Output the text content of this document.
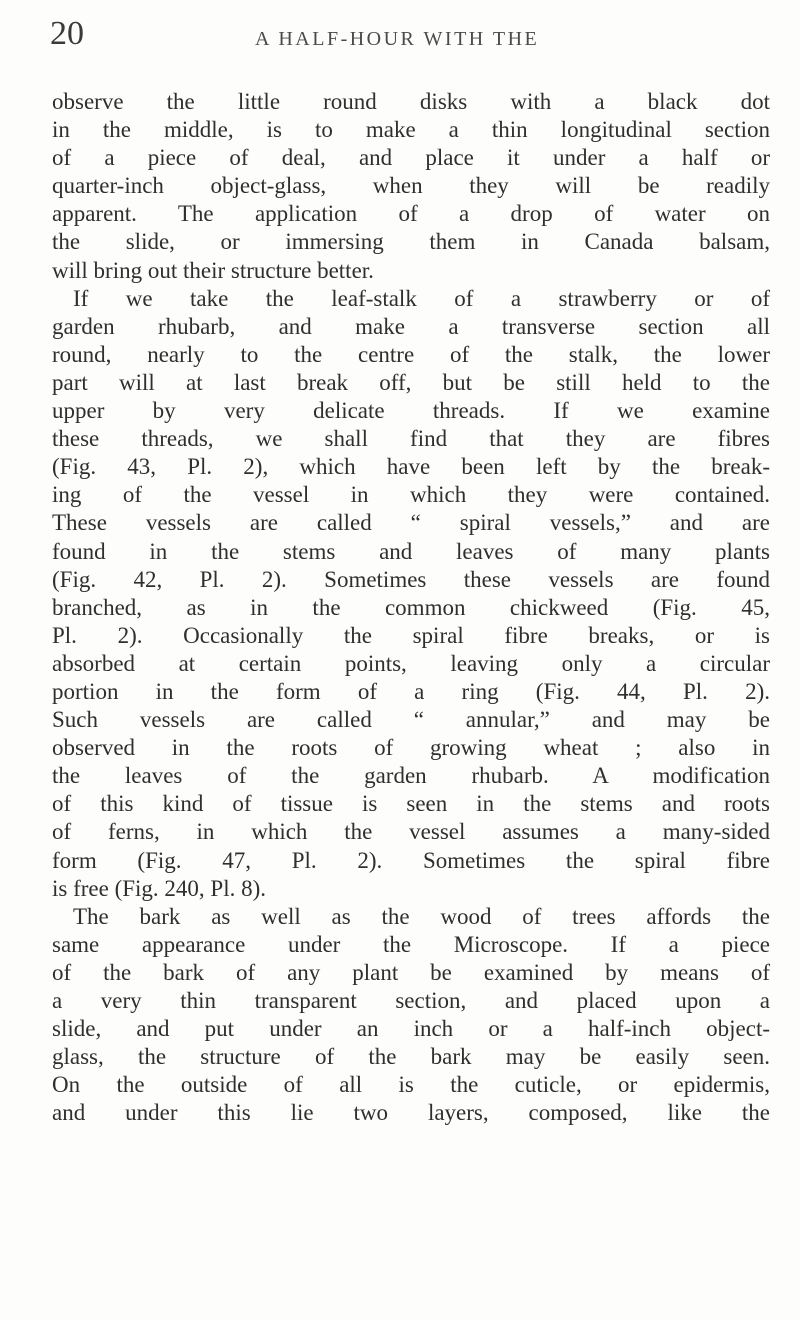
20	A HALF-HOUR WITH THE
observe the little round disks with a black dot
in the middle, is to make a thin longitudinal section
of a piece of deal, and place it under a half or
quarter-inch object-glass, when they will be readily
apparent. The application of a drop of water on
the slide, or immersing them in Canada balsam,
will bring out their structure better.
If we take the leaf-stalk of a strawberry or of
garden rhubarb, and make a transverse section all
round, nearly to the centre of the stalk, the lower
part will at last break off, but be still held to the
upper by very delicate threads. If we examine
these threads, we shall find that they are fibres
(Fig. 43, Pl. 2), which have been left by the break-
ing of the vessel in which they were contained.
These vessels are called “ spiral vessels,” and are
found in the stems and leaves of many plants
(Fig. 42, Pl. 2). Sometimes these vessels are found
branched, as in the common chickweed (Fig. 45,
Pl. 2). Occasionally the spiral fibre breaks, or is
absorbed at certain points, leaving only a circular
portion in the form of a ring (Fig. 44, Pl. 2).
Such vessels are called “ annular,” and may be
observed in the roots of growing wheat ; also in
the leaves of the garden rhubarb. A modification
of this kind of tissue is seen in the stems and roots
of ferns, in which the vessel assumes a many-sided
form (Fig. 47, Pl. 2). Sometimes the spiral fibre
is free (Fig. 240, Pl. 8).
The bark as well as the wood of trees affords the
same appearance under the Microscope. If a piece
of the bark of any plant be examined by means of
a very thin transparent section, and placed upon a
slide, and put under an inch or a half-inch object-
glass, the structure of the bark may be easily seen.
On the outside of all is the cuticle, or epidermis,
and under this lie two layers, composed, like the
